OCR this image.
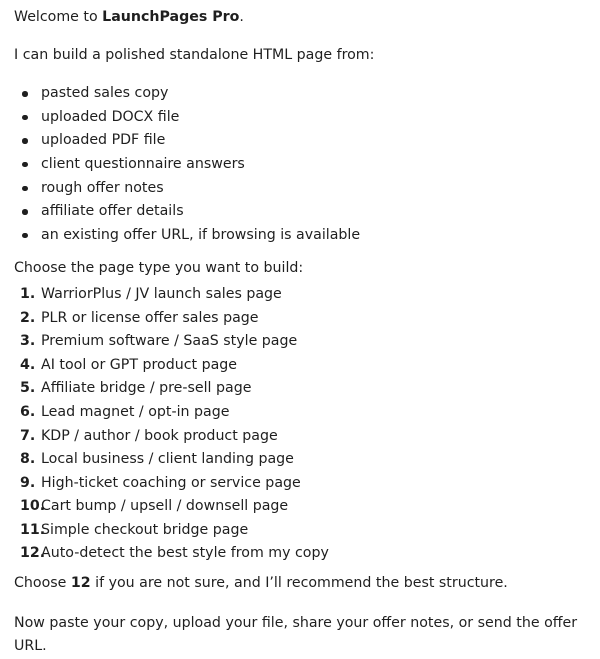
Welcome to LaunchPages Pro.

I can build a polished standalone HTML page from:

pasted sales copy
uploaded DOCX file
uploaded PDF file
client questionnaire answers
rough offer notes
affiliate offer details
an existing offer URL, if browsing is available

Choose the page type you want to build:

1. WarriorPlus / JV launch sales page
2. PLR or license offer sales page
3. Premium software / SaaS style page
4. AI tool or GPT product page
5. Affiliate bridge / pre-sell page
6. Lead magnet / opt-in page
7. KDP / author / book product page
8. Local business / client landing page
9. High-ticket coaching or service page
10.
Cart bump / upsell / downsell page
11.
Simple checkout bridge page
12.
Auto-detect the best style from my copy

Choose 12 if you are not sure, and I’ll recommend the best structure.

Now paste your copy, upload your file, share your offer notes, or send the offer URL.
